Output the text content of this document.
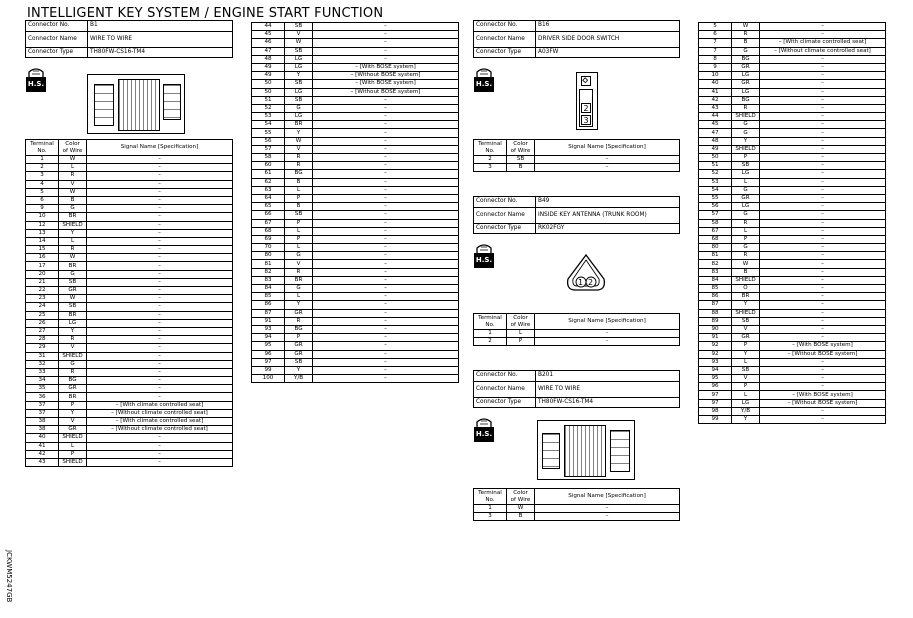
INTELLIGENT KEY SYSTEM / ENGINE START FUNCTION
JCKWM5247GB
Connector No.	B1
Connector Name	WIRE TO WIRE
Connector Type	TH80FW-CS16-TM4
H.S.
Terminal
No.	Color
of Wire	Signal Name [Specification]
1	W	–
2	L	–
3	R	–
4	V	–
5	W	–
6	B	–
9	G	–
10	BR	–
12	SHIELD	–
13	Y	–
14	L	–
15	R	–
16	W	–
17	BR	–
20	G	–
21	SB	–
22	GR	–
23	W	–
24	SB	–
25	BR	–
26	LG	–
27	Y	–
28	R	–
29	V	–
31	SHIELD	–
32	G	–
33	R	–
34	BG	–
35	GR	–
36	BR	–
37	P	– [With climate controlled seat]
37	Y	– [Without climate controlled seat]
38	V	– [With climate controlled seat]
38	GR	– [Without climate controlled seat]
40	SHIELD	–
41	L	–
42	P	–
43	SHIELD	–
44	SB	–
45	V	–
46	W	–
47	SB	–
48	LG	–
49	LG	– [With BOSE system]
49	Y	– [Without BOSE system]
50	SB	– [With BOSE system]
50	LG	– [Without BOSE system]
51	SB	–
52	G	–
53	LG	–
54	BR	–
55	Y	–
56	W	–
57	V	–
58	R	–
60	R	–
61	BG	–
62	B	–
63	L	–
64	P	–
65	B	–
66	SB	–
67	P	–
68	L	–
69	P	–
70	L	–
80	G	–
81	V	–
82	R	–
83	BR	–
84	G	–
85	L	–
86	Y	–
87	GR	–
91	R	–
93	BG	–
94	P	–
95	GR	–
96	GR	–
97	SB	–
99	Y	–
100	Y/B	–
Connector No.	B16
Connector Name	DRIVER SIDE DOOR SWITCH
Connector Type	A03FW
H.S.
2
3
Terminal
No.	Color
of Wire	Signal Name [Specification]
2	SB	–
3	B	–
Connector No.	B49
Connector Name	INSIDE KEY ANTENNA (TRUNK ROOM)
Connector Type	RK02FGY
H.S.
1 2
Terminal
No.	Color
of Wire	Signal Name [Specification]
1	L	–
2	P	–
Connector No.	B201
Connector Name	WIRE TO WIRE
Connector Type	TH80FW-CS16-TM4
H.S.
Terminal
No.	Color
of Wire	Signal Name [Specification]
1	W	–
3	B	–
5	W	–
6	R	–
7	B	– [With climate controlled seat]
7	G	– [Without climate controlled seat]
8	BG	–
9	GR	–
10	LG	–
40	GR	–
41	LG	–
42	BG	–
43	R	–
44	SHIELD	–
45	G	–
47	G	–
48	Y	–
49	SHIELD	–
50	P	–
51	SB	–
52	LG	–
53	L	–
54	G	–
55	GR	–
56	LG	–
57	G	–
58	R	–
67	L	–
68	P	–
80	G	–
81	R	–
82	W	–
83	B	–
84	SHIELD	–
85	O	–
86	BR	–
87	Y	–
88	SHIELD	–
89	SB	–
90	V	–
91	GR	–
92	P	– [With BOSE system]
92	Y	– [Without BOSE system]
93	L	–
94	SB	–
95	V	–
96	P	–
97	L	– [With BOSE system]
97	LG	– [Without BOSE system]
98	Y/B	–
99	Y	–
